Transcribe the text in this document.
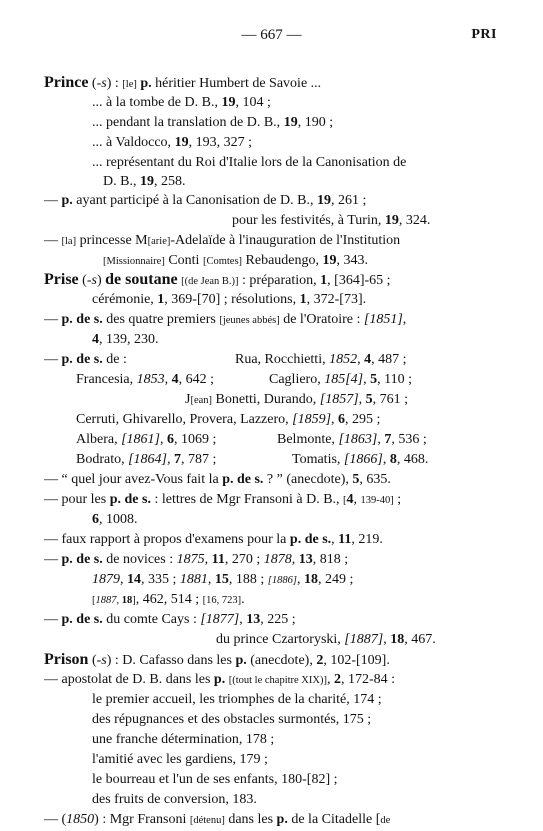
— 667 —	PRI
Prince (-s) : [le] p. héritier Humbert de Savoie ...
... à la tombe de D. B., 19, 104 ;
... pendant la translation de D. B., 19, 190 ;
... à Valdocco, 19, 193, 327 ;
... représentant du Roi d'Italie lors de la Canonisation de
D. B., 19, 258.
— p. ayant participé à la Canonisation de D. B., 19, 261 ;
pour les festivités, à Turin, 19, 324.
— [la] princesse M[arie]-Adelaïde à l'inauguration de l'Institution
[Missionnaire] Conti [Comtes] Rebaudengo, 19, 343.
Prise (-s) de soutane [(de Jean B.)] : préparation, 1, [364]-65 ;
cérémonie, 1, 369-[70] ; résolutions, 1, 372-[73].
— p. de s. des quatre premiers [jeunes abbés] de l'Oratoire : [1851],
4, 139, 230.
— p. de s. de :	Rua, Rocchietti, 1852, 4, 487 ;
Francesia, 1853, 4, 642 ;	Cagliero, 185[4], 5, 110 ;
J[ean] Bonetti, Durando, [1857], 5, 761 ;
Cerruti, Ghivarello, Provera, Lazzero, [1859], 6, 295 ;
Albera, [1861], 6, 1069 ;	Belmonte, [1863], 7, 536 ;
Bodrato, [1864], 7, 787 ;	Tomatis, [1866], 8, 468.
— “ quel jour avez-Vous fait la p. de s. ? ” (anecdote), 5, 635.
— pour les p. de s. : lettres de Mgr Fransoni à D. B., [4, 139-40] ;
6, 1008.
— faux rapport à propos d'examens pour la p. de s., 11, 219.
— p. de s. de novices : 1875, 11, 270 ; 1878, 13, 818 ;
1879, 14, 335 ; 1881, 15, 188 ; [1886], 18, 249 ;
[1887, 18], 462, 514 ; [16, 723].
— p. de s. du comte Cays : [1877], 13, 225 ;
du prince Czartoryski, [1887], 18, 467.
Prison (-s) : D. Cafasso dans les p. (anecdote), 2, 102-[109].
— apostolat de D. B. dans les p. [(tout le chapitre XIX)], 2, 172-84 :
le premier accueil, les triomphes de la charité, 174 ;
des répugnances et des obstacles surmontés, 175 ;
une franche détermination, 178 ;
l'amitié avec les gardiens, 179 ;
le bourreau et l'un de ses enfants, 180-[82] ;
des fruits de conversion, 183.
— (1850) : Mgr Fransoni [détenu] dans les p. de la Citadelle [de
